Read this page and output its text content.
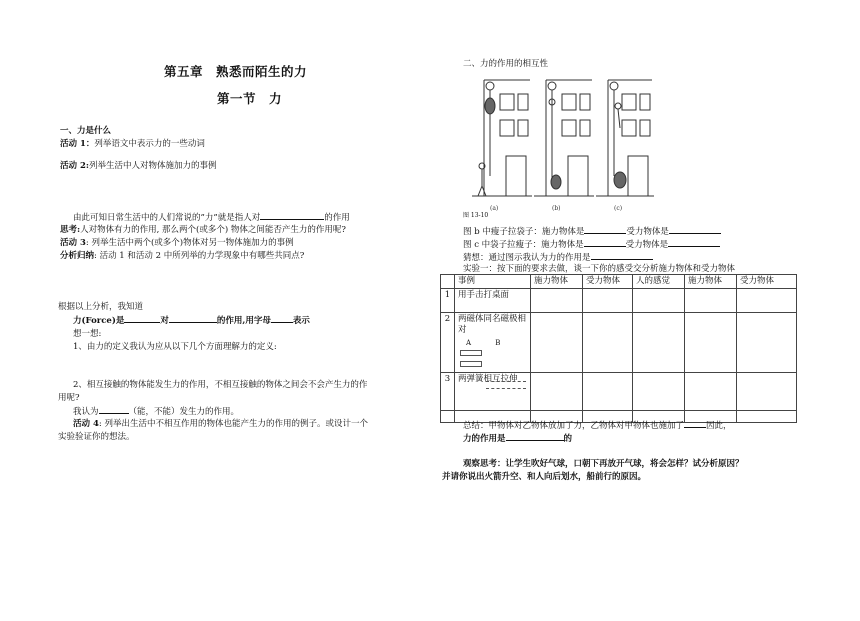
第五章　熟悉而陌生的力
第一节　力
一、力是什么
活动 1：列举语文中表示力的一些动词
活动 2:列举生活中人对物体施加力的事例
由此可知日常生活中的人们常说的”力”就是指人对	的作用
思考:人对物体有力的作用, 那么两个(或多个) 物体之间能否产生力的作用呢?
活动 3: 列举生活中两个(或多个)物体对另一物体施加力的事例
分析归纳: 活动 1 和活动 2 中所列举的力学现象中有哪些共同点?
根据以上分析，我知道
力(Force)是	对	的作用,用字母	表示
想一想:
1、由力的定义我认为应从以下几个方面理解力的定义:
2、相互接触的物体能发生力的作用，不相互接触的物体之间会不会产生力的作
用呢?
我认为	（能，不能）发生力的作用。
活动 4: 列举出生活中不相互作用的物体也能产生力的作用的例子。或设计一个
实验验证你的想法。
二、力的作用的相互性
(a)	(b)	(c)
图 13-10
图 b 中瘦子拉袋子：施力物体是	受力物体是
图 c 中袋子拉瘦子：施力物体是	受力物体是
猜想：通过图示我认为力的作用是
实验一：按下面的要求去做，谈一下你的感受交分析施力物体和受力物体
	事例	施力物体	受力物体	人的感觉	施力物体	受力物体
1	用手击打桌面					
2	两磁体同名磁极相对
A B					

3	两弹簧相互拉伸					

总结：甲物体对乙物体放加了力，乙物体对甲物体也施加了	因此，
力的作用是	的
观察思考：让学生吹好气球，口朝下再放开气球，将会怎样？试分析原因？
并请你说出火箭升空、和人向后划水，船前行的原因。
